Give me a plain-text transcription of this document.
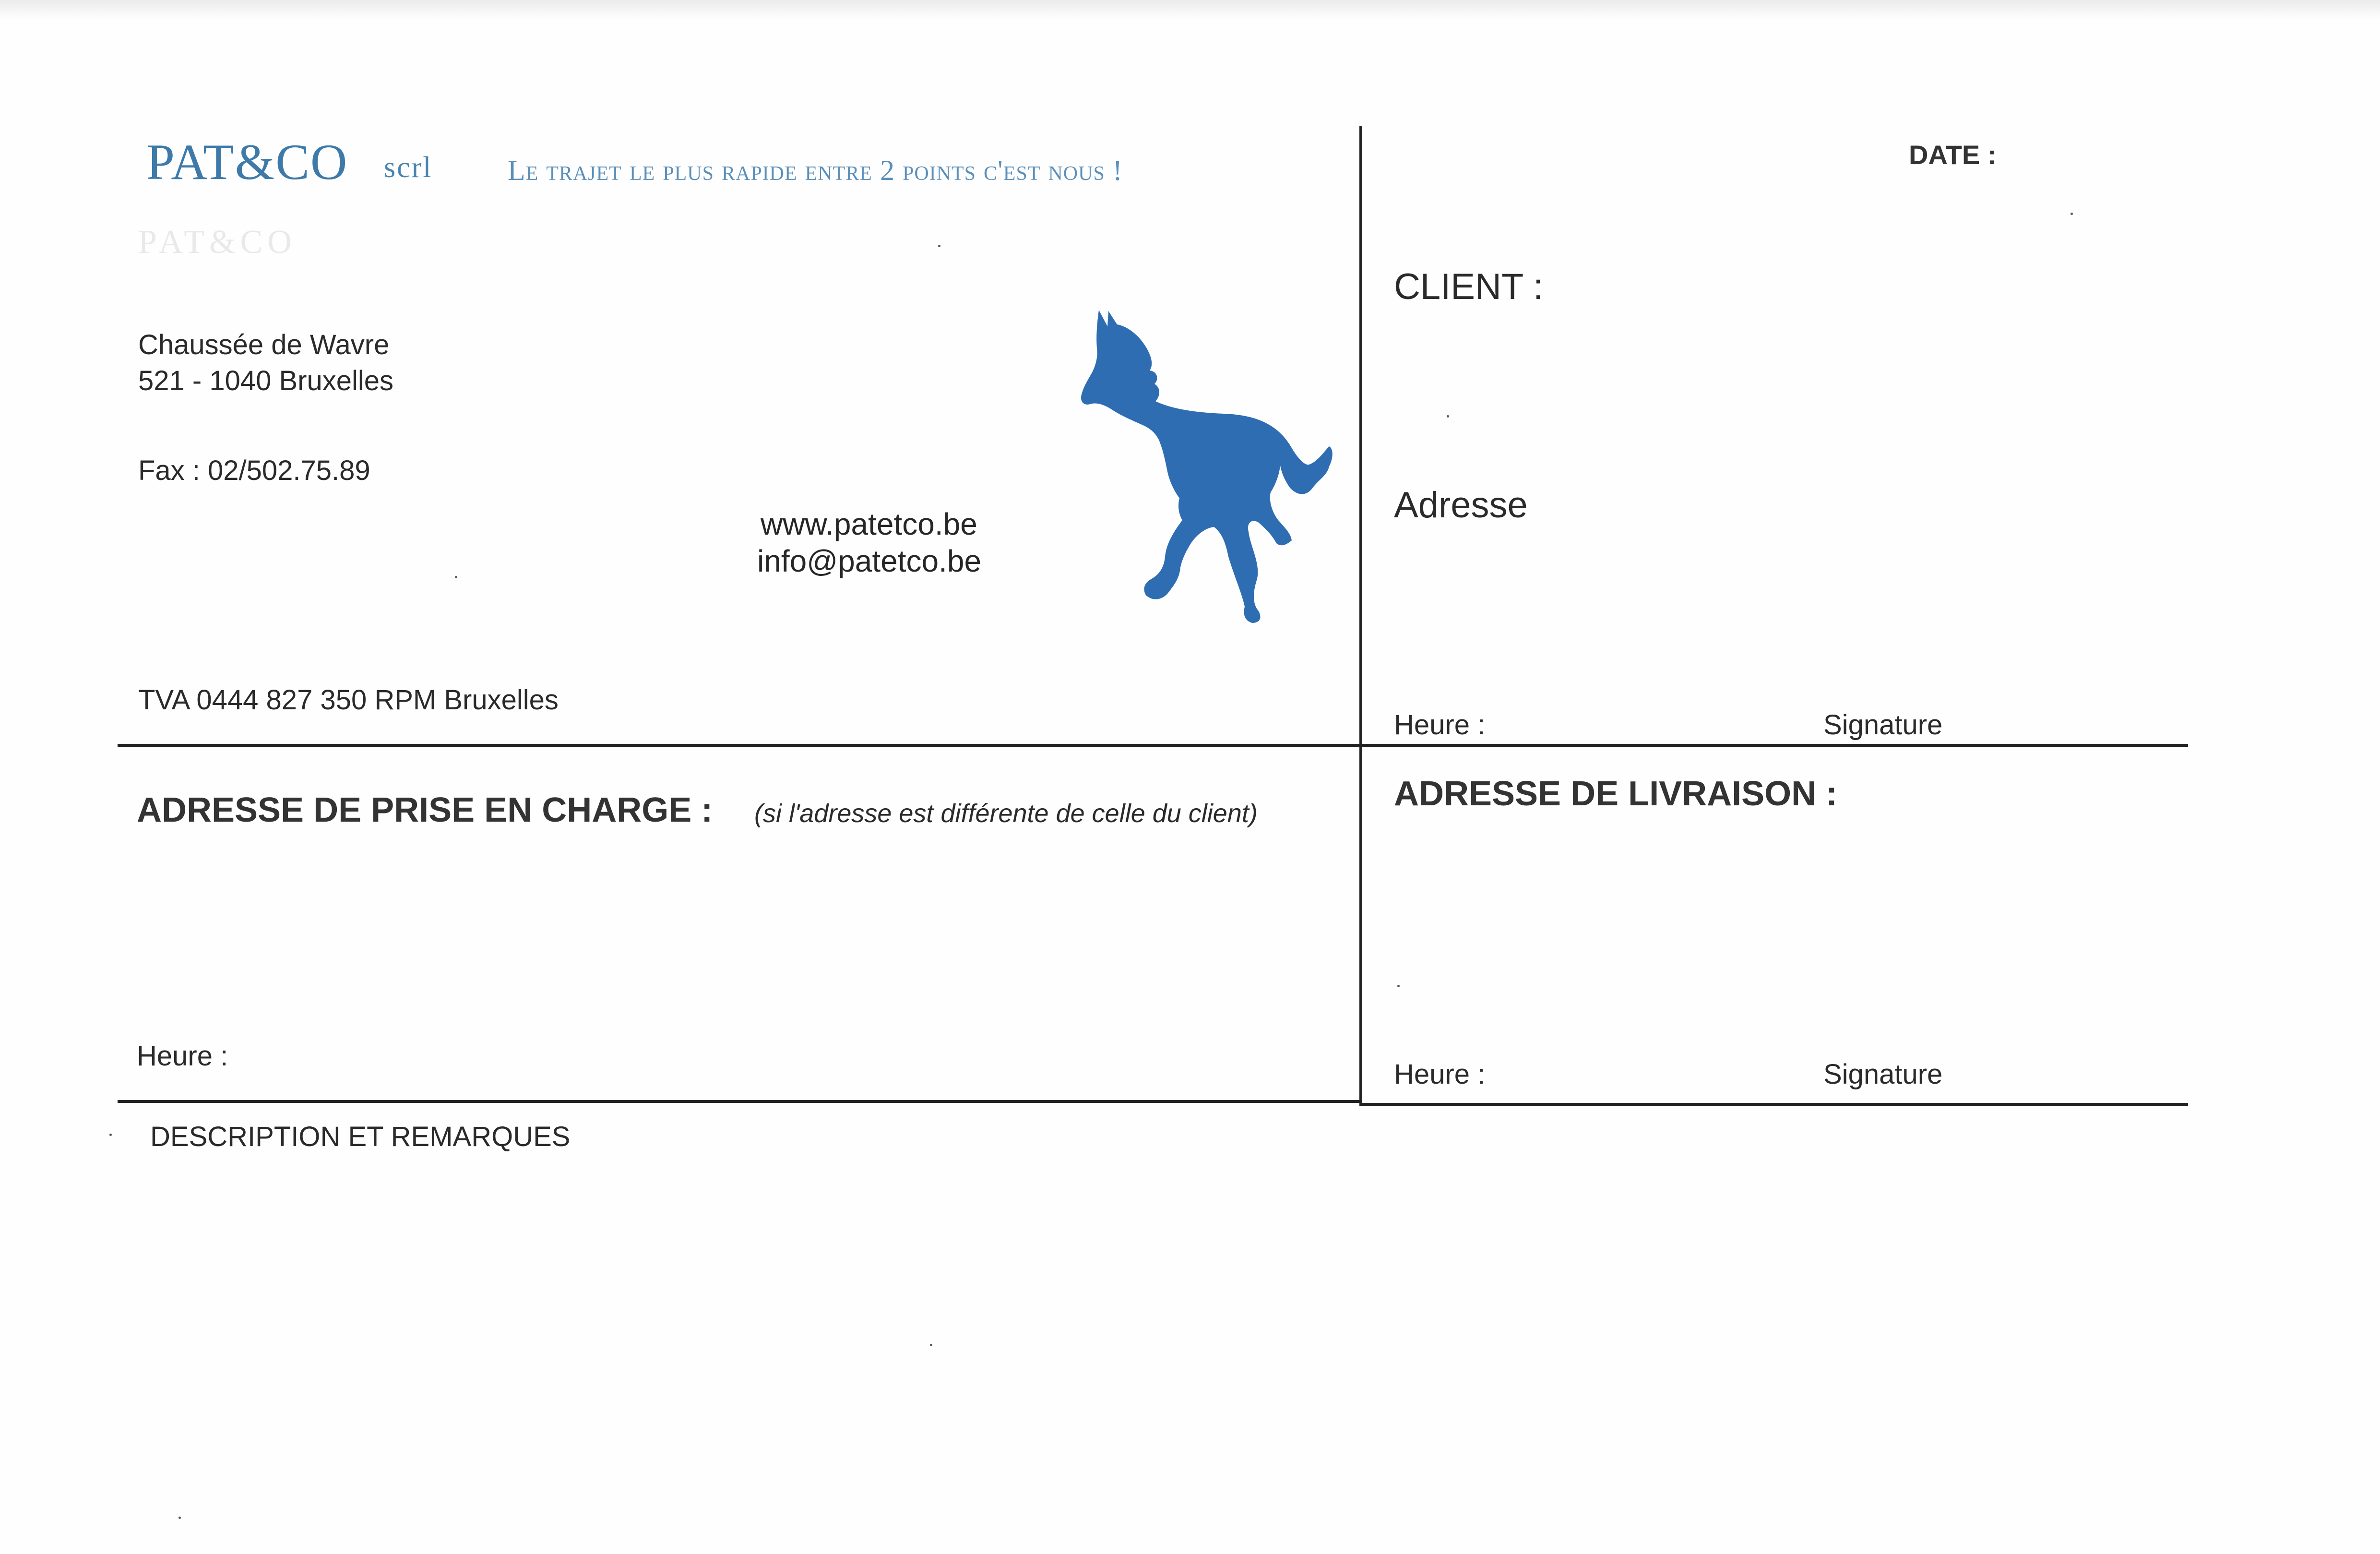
PAT&CO scrl	Le trajet le plus rapide entre 2 points c'est nous !
PAT&CO
Chaussée de Wavre
521 - 1040 Bruxelles
Fax : 02/502.75.89
www.patetco.be
info@patetco.be
TVA 0444 827 350 RPM Bruxelles
DATE :
CLIENT :
Adresse
Heure :	Signature
ADRESSE DE PRISE EN CHARGE : (si l'adresse est différente de celle du client)
Heure :
ADRESSE DE LIVRAISON :
Heure :	Signature
DESCRIPTION ET REMARQUES
